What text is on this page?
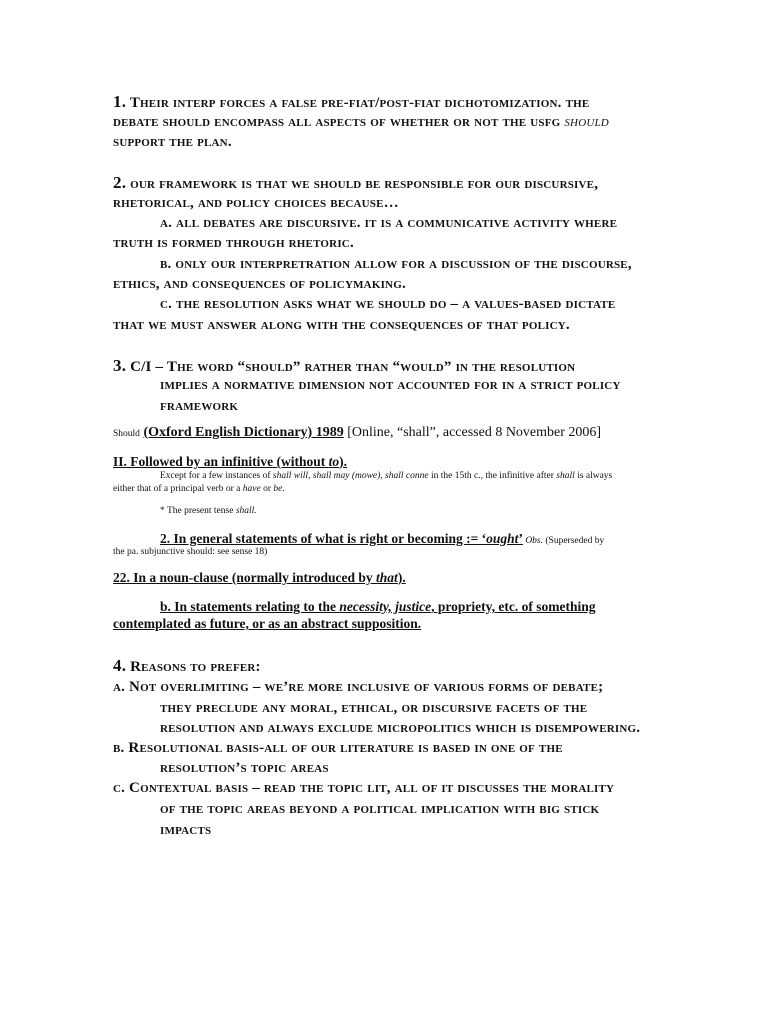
1. Their interp forces a false pre-fiat/post-fiat dichotomization. the
debate should encompass all aspects of whether or not the usfg should
support the plan.
2. our framework is that we should be responsible for our discursive,
rhetorical, and policy choices because…
a. all debates are discursive. it is a communicative activity where
truth is formed through rhetoric.
b. only our interpretration allow for a discussion of the discourse,
ethics, and consequences of policymaking.
c. the resolution asks what we should do – a values-based dictate
that we must answer along with the consequences of that policy.
3. C/I – The word “should” rather than “would” in the resolution
implies a normative dimension not accounted for in a strict policy
framework
Should (Oxford English Dictionary) 1989 [Online, “shall”, accessed 8 November 2006]
II. Followed by an infinitive (without to).
Except for a few instances of shall will, shall may (mowe), shall conne in the 15th c., the infinitive after shall is always
either that of a principal verb or a have or be.
* The present tense shall.
2. In general statements of what is right or becoming := ‘ought’ Obs. (Superseded by
the pa. subjunctive should: see sense 18)
22. In a noun-clause (normally introduced by that).
b. In statements relating to the necessity, justice, propriety, etc. of something
contemplated as future, or as an abstract supposition.
4. Reasons to prefer:
a. Not overlimiting – we’re more inclusive of various forms of debate;
they preclude any moral, ethical, or discursive facets of the
resolution and always exclude micropolitics which is disempowering.
b. Resolutional basis-all of our literature is based in one of the
resolution’s topic areas
c. Contextual basis – read the topic lit, all of it discusses the morality
of the topic areas beyond a political implication with big stick
impacts
